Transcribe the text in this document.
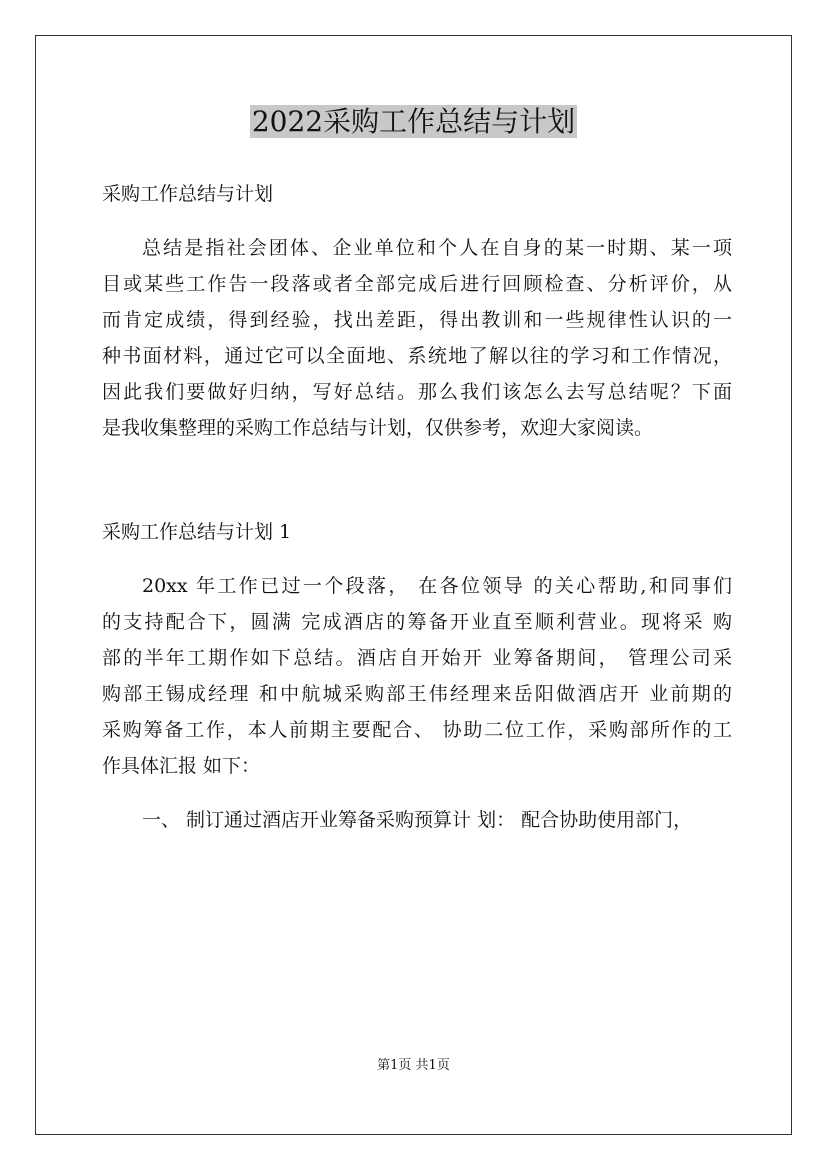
2022采购工作总结与计划
采购工作总结与计划
总结是指社会团体、企业单位和个人在自身的某一时期、某一项
目或某些工作告一段落或者全部完成后进行回顾检查、分析评价，从
而肯定成绩，得到经验，找出差距，得出教训和一些规律性认识的一
种书面材料，通过它可以全面地、系统地了解以往的学习和工作情况，
因此我们要做好归纳，写好总结。那么我们该怎么去写总结呢？下面
是我收集整理的采购工作总结与计划，仅供参考，欢迎大家阅读。
采购工作总结与计划 1
20xx 年工作已过一个段落， 在各位领导 的关心帮助,和同事们
的支持配合下，圆满 完成酒店的筹备开业直至顺利营业。现将采 购
部的半年工期作如下总结。酒店自开始开 业筹备期间， 管理公司采
购部王锡成经理 和中航城采购部王伟经理来岳阳做酒店开 业前期的
采购筹备工作，本人前期主要配合、 协助二位工作，采购部所作的工
作具体汇报 如下：
一、 制订通过酒店开业筹备采购预算计 划： 配合协助使用部门，
第1页 共1页
